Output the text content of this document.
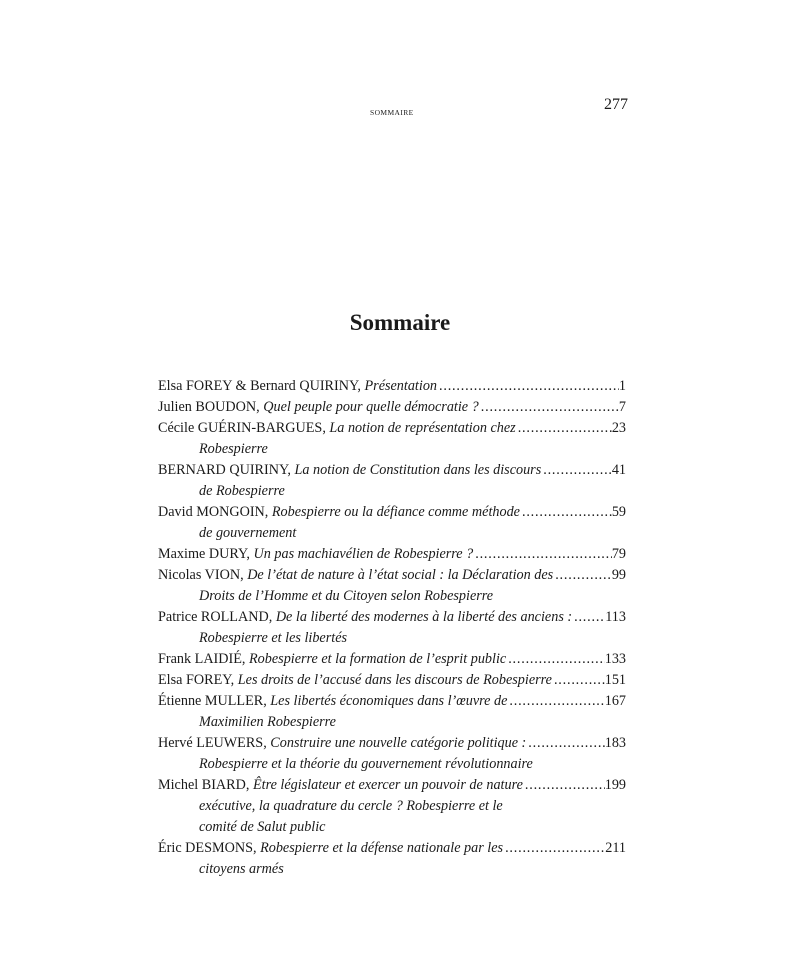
SOMMAIRE	277
Sommaire
Elsa FOREY & Bernard QUIRINY,
Présentation .....	1
Julien BOUDON,
Quel peuple pour quelle démocratie ? .....	7
Cécile GUÉRIN-BARGUES,
La notion de représentation chez .....	23
Robespierre
BERNARD QUIRINY,
La notion de Constitution dans les discours .....	41
de Robespierre
David MONGOIN,
Robespierre ou la défiance comme méthode .....	59
de gouvernement
Maxime DURY,
Un pas machiavélien de Robespierre ? .....	79
Nicolas VION,
De l’état de nature à l’état social : la Déclaration des .....	99
Droits de l’Homme et du Citoyen selon Robespierre
Patrice ROLLAND,
De la liberté des modernes à la liberté des anciens : ..... 113
Robespierre et les libertés
Frank LAIDIÉ,
Robespierre et la formation de l’esprit public .....	133
Elsa FOREY,
Les droits de l’accusé dans les discours de Robespierre .....	151
Étienne MULLER,
Les libertés économiques dans l’œuvre de .....	167
Maximilien Robespierre
Hervé LEUWERS,
Construire une nouvelle catégorie politique : .....	183
Robespierre et la théorie du gouvernement révolutionnaire
Michel BIARD,
Être législateur et exercer un pouvoir de nature .....	199
exécutive, la quadrature du cercle ? Robespierre et le
comité de Salut public
Éric DESMONS,
Robespierre et la défense nationale par les .....	211
citoyens armés
